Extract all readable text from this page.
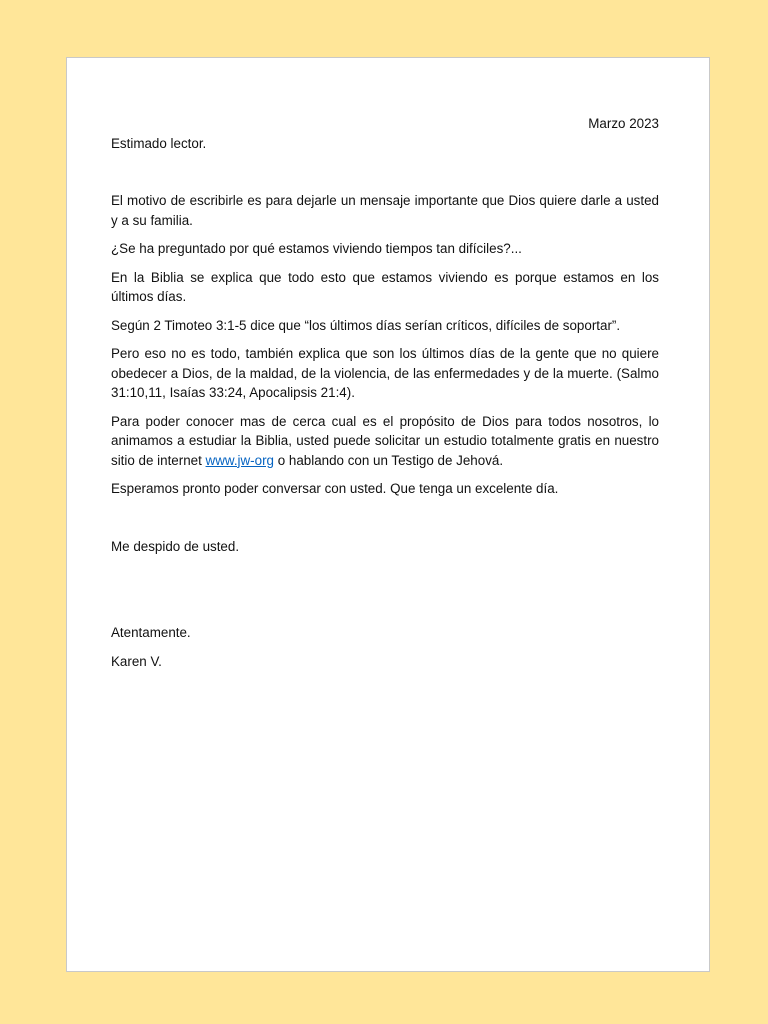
Marzo 2023

Estimado lector.

El motivo de escribirle es para dejarle un mensaje importante que Dios quiere darle a usted y a su familia.

¿Se ha preguntado por qué estamos viviendo tiempos tan difíciles?...

En la Biblia se explica que todo esto que estamos viviendo es porque estamos en los últimos días.

Según 2 Timoteo 3:1-5 dice que “los últimos días serían críticos, difíciles de soportar”.

Pero eso no es todo, también explica que son los últimos días de la gente que no quiere obedecer a Dios, de la maldad, de la violencia, de las enfermedades y de la muerte. (Salmo 31:10,11, Isaías 33:24, Apocalipsis 21:4).

Para poder conocer mas de cerca cual es el propósito de Dios para todos nosotros, lo animamos a estudiar la Biblia, usted puede solicitar un estudio totalmente gratis en nuestro sitio de internet www.jw-org o hablando con un Testigo de Jehová.

Esperamos pronto poder conversar con usted. Que tenga un excelente día.

Me despido de usted.

Atentamente.

Karen V.
